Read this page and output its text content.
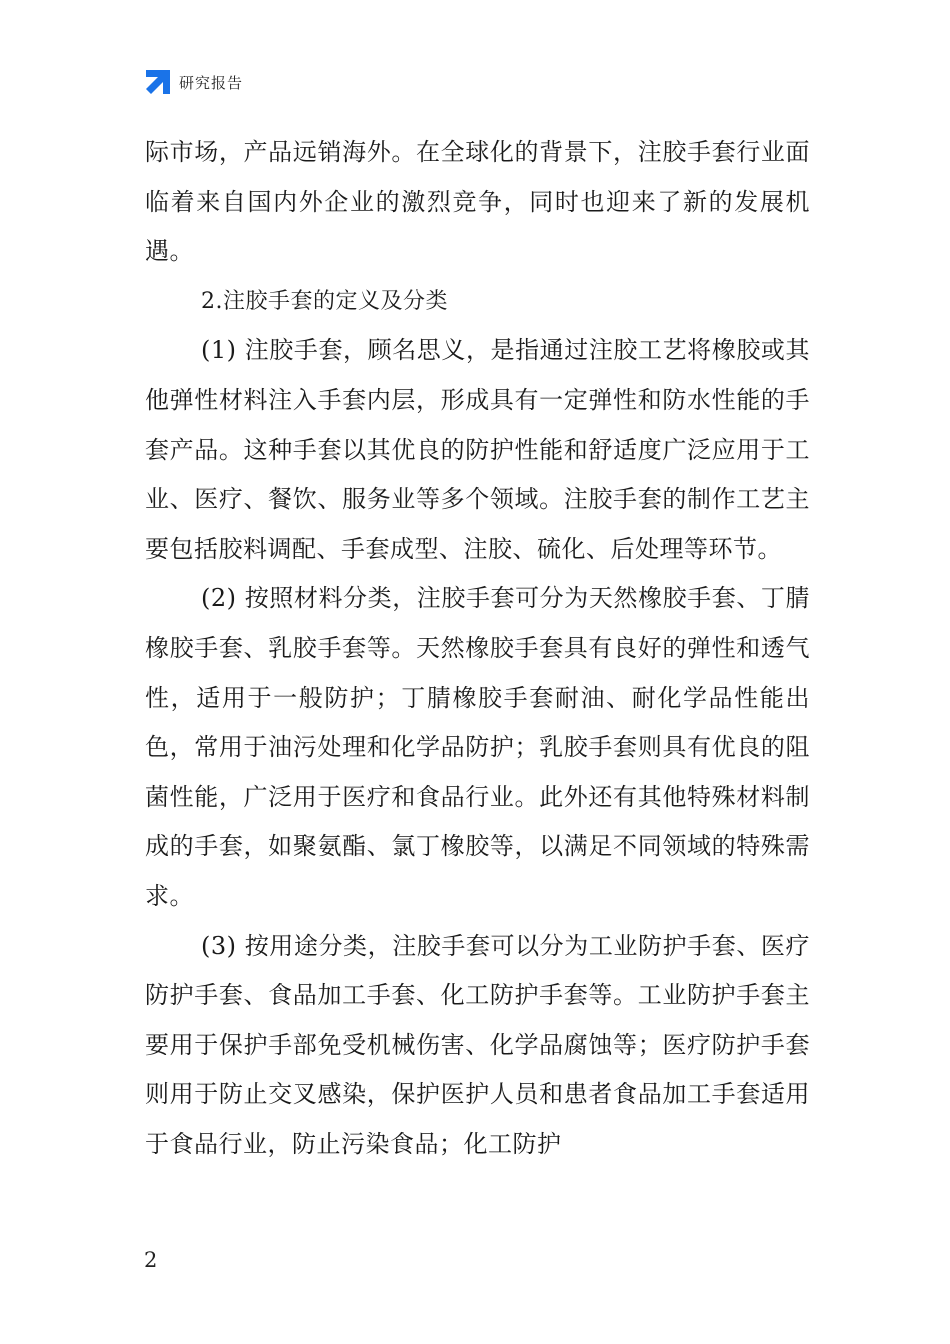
研究报告

际市场，产品远销海外。在全球化的背景下，注胶手套行业面临着来自国内外企业的激烈竞争，同时也迎来了新的发展机遇。

2.注胶手套的定义及分类

(1) 注胶手套，顾名思义，是指通过注胶工艺将橡胶或其他弹性材料注入手套内层，形成具有一定弹性和防水性能的手套产品。这种手套以其优良的防护性能和舒适度广泛应用于工业、医疗、餐饮、服务业等多个领域。注胶手套的制作工艺主要包括胶料调配、手套成型、注胶、硫化、后处理等环节。

(2) 按照材料分类，注胶手套可分为天然橡胶手套、丁腈橡胶手套、乳胶手套等。天然橡胶手套具有良好的弹性和透气性，适用于一般防护；丁腈橡胶手套耐油、耐化学品性能出色，常用于油污处理和化学品防护；乳胶手套则具有优良的阻菌性能，广泛用于医疗和食品行业。此外还有其他特殊材料制成的手套，如聚氨酯、氯丁橡胶等，以满足不同领域的特殊需求。

(3) 按用途分类，注胶手套可以分为工业防护手套、医疗防护手套、食品加工手套、化工防护手套等。工业防护手套主要用于保护手部免受机械伤害、化学品腐蚀等；医疗防护手套则用于防止交叉感染，保护医护人员和患者食品加工手套适用于食品行业，防止污染食品；化工防护

2
